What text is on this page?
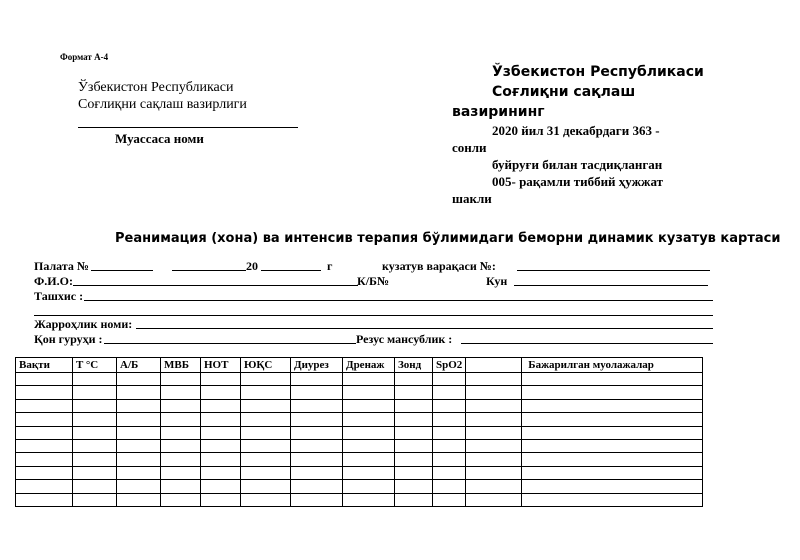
Формат А-4
Ўзбекистон Республикаси
Соғлиқни сақлаш вазирлиги
Муассаса номи
Ўзбекистон Республикаси
Соғлиқни сақлаш
вазирининг
2020 йил 31 декабрдаги 363 -
сонли
буйруғи билан тасдиқланган
005- рақамли тиббий ҳужжат
шакли
Реанимация (хона) ва интенсив терапия бўлимидаги беморни динамик кузатув картаси
Палата №	20	г	кузатув варақаси №:
Ф.И.О:	К/Б№	Кун
Ташхис :
Жарроҳлик номи:
Қон гуруҳи :	Резус мансублик :
Вақти	T °C	А/Б	МВБ	НОТ	ЮҚС	Диурез	Дренаж	Зонд	SpO2		Бажарилган муолажалар
